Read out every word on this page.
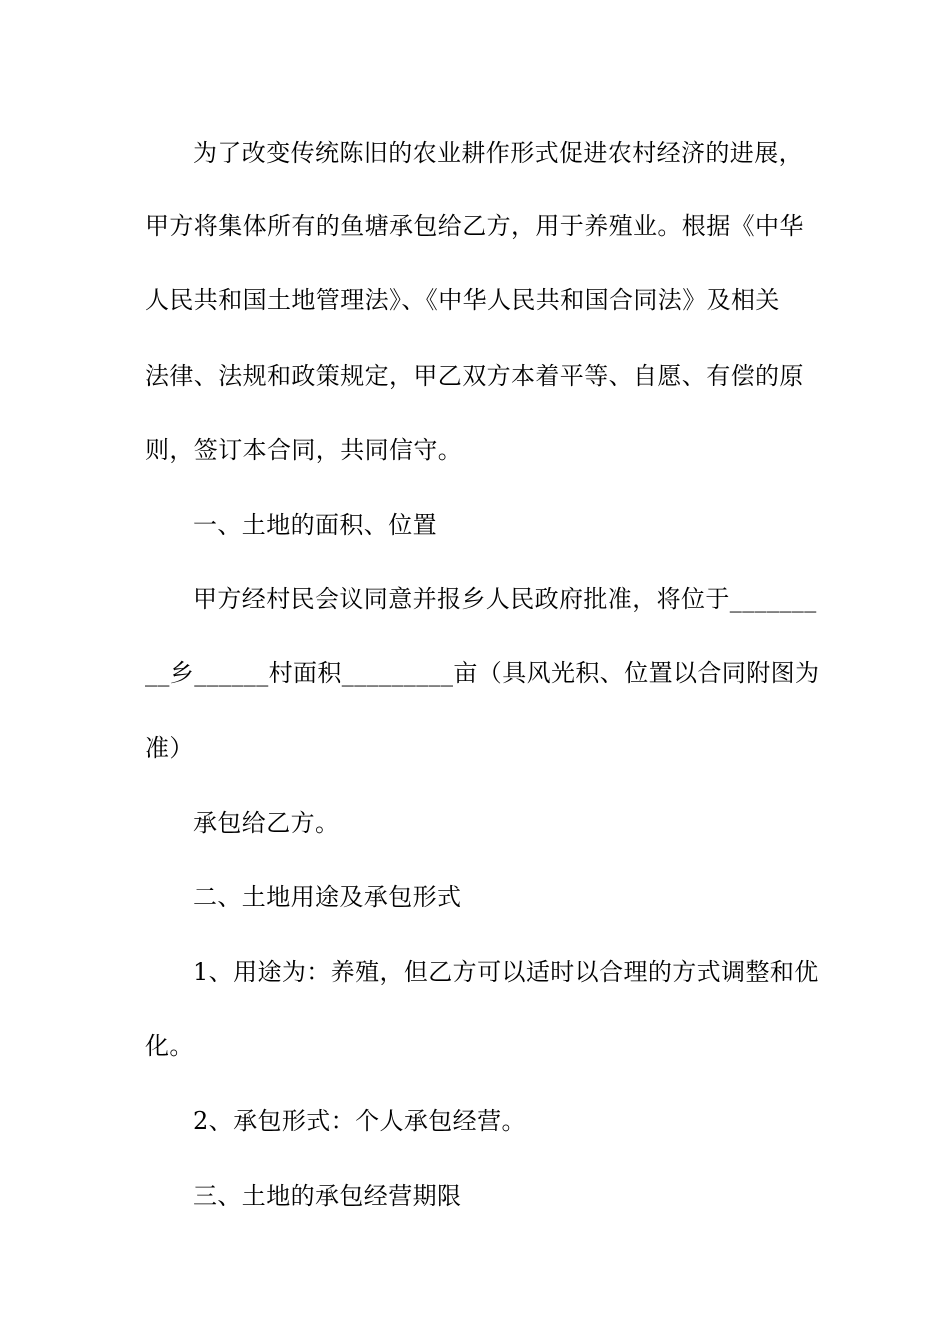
为了改变传统陈旧的农业耕作形式促进农村经济的进展，
甲方将集体所有的鱼塘承包给乙方，用于养殖业。根据《中华
人民共和国土地管理法》、《中华人民共和国合同法》及相关
法律、法规和政策规定，甲乙双方本着平等、自愿、有偿的原
则，签订本合同，共同信守。
一、土地的面积、位置
甲方经村民会议同意并报乡人民政府批准，将位于_______
__乡______村面积_________亩（具风光积、位置以合同附图为
准）
承包给乙方。
二、土地用途及承包形式
1、用途为：养殖，但乙方可以适时以合理的方式调整和优
化。
2、承包形式：个人承包经营。
三、土地的承包经营期限
